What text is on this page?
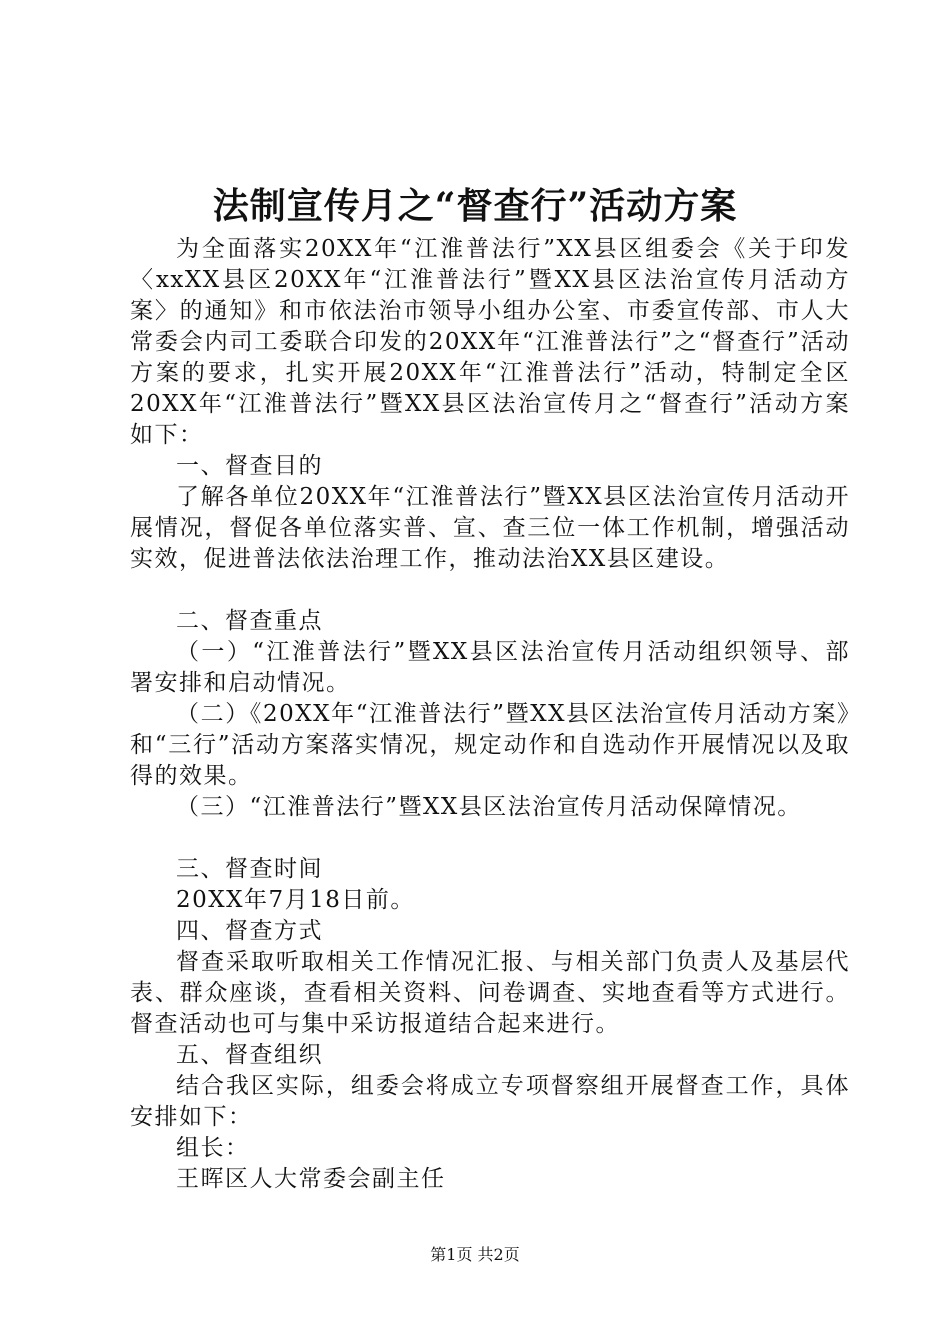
法制宣传月之“督查行”活动方案

为全面落实20XX年“江淮普法行”XX县区组委会《关于印发〈xxXX县区20XX年“江淮普法行”暨XX县区法治宣传月活动方案〉的通知》和市依法治市领导小组办公室、市委宣传部、市人大常委会内司工委联合印发的20XX年“江淮普法行”之“督查行”活动方案的要求，扎实开展20XX年“江淮普法行”活动，特制定全区20XX年“江淮普法行”暨XX县区法治宣传月之“督查行”活动方案如下：

一、督查目的

了解各单位20XX年“江淮普法行”暨XX县区法治宣传月活动开展情况，督促各单位落实普、宣、查三位一体工作机制，增强活动实效，促进普法依法治理工作，推动法治XX县区建设。

二、督查重点

（一）“江淮普法行”暨XX县区法治宣传月活动组织领导、部署安排和启动情况。

（二）《20XX年“江淮普法行”暨XX县区法治宣传月活动方案》和“三行”活动方案落实情况，规定动作和自选动作开展情况以及取得的效果。

（三）“江淮普法行”暨XX县区法治宣传月活动保障情况。

三、督查时间

20XX年7月18日前。

四、督查方式

督查采取听取相关工作情况汇报、与相关部门负责人及基层代表、群众座谈，查看相关资料、问卷调查、实地查看等方式进行。督查活动也可与集中采访报道结合起来进行。

五、督查组织

结合我区实际，组委会将成立专项督察组开展督查工作，具体安排如下：

组长：

王晖区人大常委会副主任

第1页 共2页
